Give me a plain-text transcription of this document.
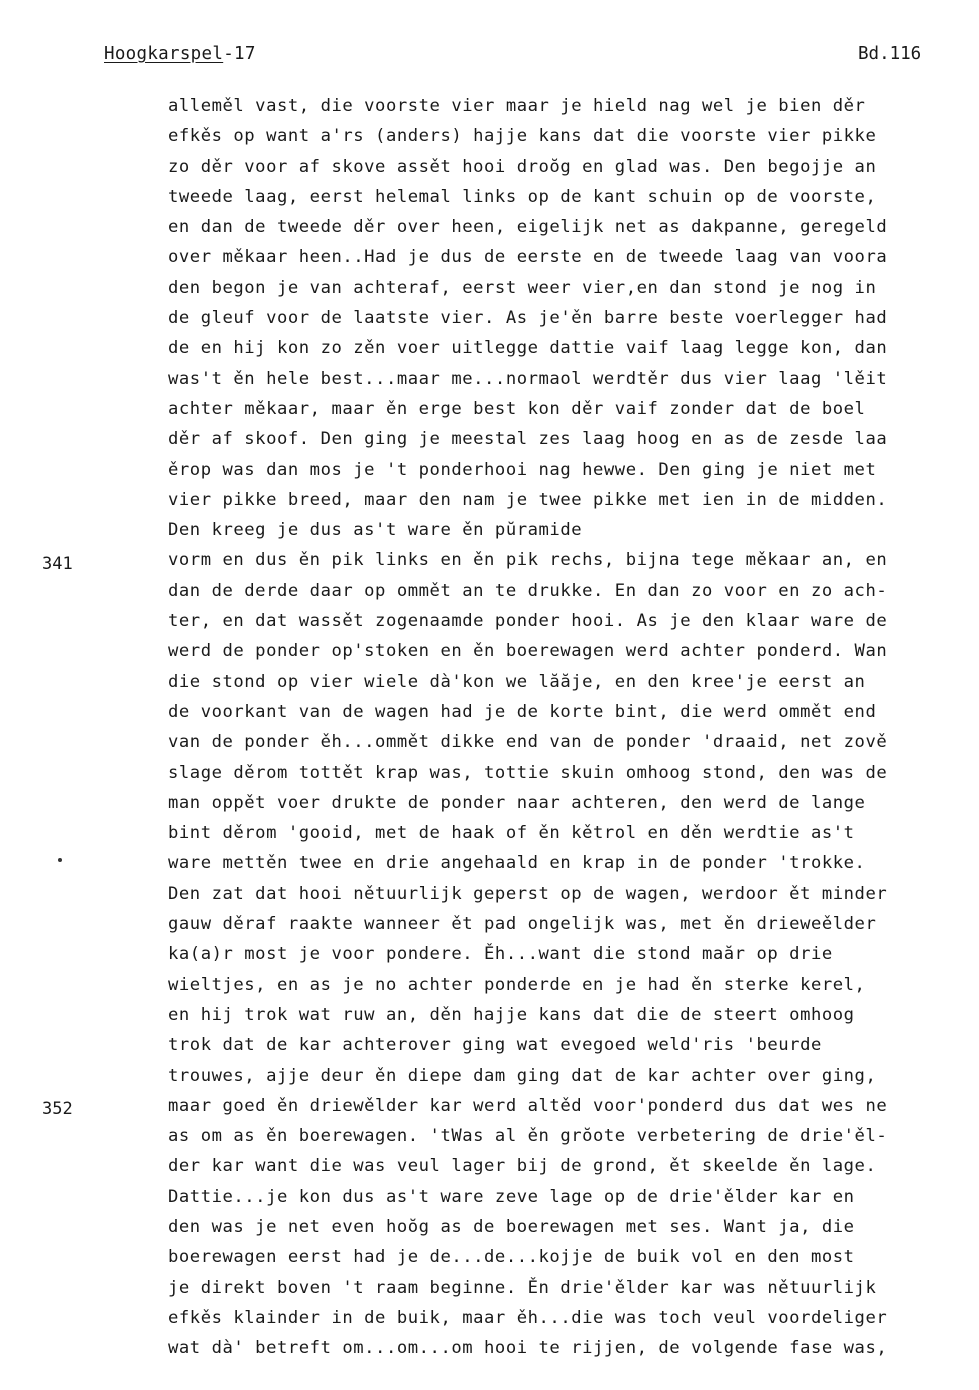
Hoogkarspel-17	Bd.116
341
352
alleměl vast, die voorste vier maar je hield nag wel je bien děr
efkěs op want a'rs (anders) hajje kans dat die voorste vier pikke
zo děr voor af skove assět hooi droŏg en glad was. Den begojje an
tweede laag, eerst helemal links op de kant schuin op de voorste,
en dan de tweede děr over heen, eigelijk net as dakpanne, geregeld
over měkaar heen..Had je dus de eerste en de tweede laag van voora
den begon je van achteraf, eerst weer vier,en dan stond je nog in
de gleuf voor de laatste vier. As je'ěn barre beste voerlegger had
de en hij kon zo zěn voer uitlegge dattie vaif laag legge kon, dan
was't ěn hele best...maar me...normaol werdtěr dus vier laag 'lěit
achter měkaar, maar ěn erge best kon děr vaif zonder dat de boel
děr af skoof. Den ging je meestal zes laag hoog en as de zesde laa
ěrop was dan mos je 't ponderhooi nag hewwe. Den ging je niet met
vier pikke breed, maar den nam je twee pikke met ien in de midden.
Den kreeg je dus as't ware ěn pŭramide
vorm en dus ěn pik links en ěn pik rechs, bijna tege měkaar an, en
dan de derde daar op ommět an te drukke. En dan zo voor en zo ach-
ter, en dat wassět zogenaamde ponder hooi. As je den klaar ware de
werd de ponder op'stoken en ěn boerewagen werd achter ponderd. Wan
die stond op vier wiele dà'kon we lăăje, en den kree'je eerst an
de voorkant van de wagen had je de korte bint, die werd ommět end
van de ponder ěh...ommět dikke end van de ponder 'draaid, net zově
slage děrom tottět krap was, tottie skuin omhoog stond, den was de
man oppět voer drukte de ponder naar achteren, den werd de lange
bint děrom 'gooid, met de haak of ěn kětrol en děn werdtie as't
ware mettěn twee en drie angehaald en krap in de ponder 'trokke.
Den zat dat hooi nětuurlijk geperst op de wagen, werdoor ět minder
gauw děraf raakte wanneer ět pad ongelijk was, met ěn drieweělder
ka(a)r most je voor pondere. Ěh...want die stond maăr op drie
wieltjes, en as je no achter ponderde en je had ěn sterke kerel,
en hij trok wat ruw an, děn hajje kans dat die de steert omhoog
trok dat de kar achterover ging wat evegoed weld'ris 'beurde
trouwes, ajje deur ěn diepe dam ging dat de kar achter over ging,
maar goed ěn driewělder kar werd altěd voor'ponderd dus dat wes ne
as om as ěn boerewagen. 'tWas al ěn grŏote verbetering de drie'ěl-
der kar want die was veul lager bij de grond, ět skeelde ěn lage.
Dattie...je kon dus as't ware zeve lage op de drie'ělder kar en
den was je net even hoŏg as de boerewagen met ses. Want ja, die
boerewagen eerst had je de...de...kojje de buik vol en den most
je direkt boven 't raam beginne. Ěn drie'ělder kar was nětuurlijk
efkěs klainder in de buik, maar ěh...die was toch veul voordeliger
wat dà' betreft om...om...om hooi te rijjen, de volgende fase was,
